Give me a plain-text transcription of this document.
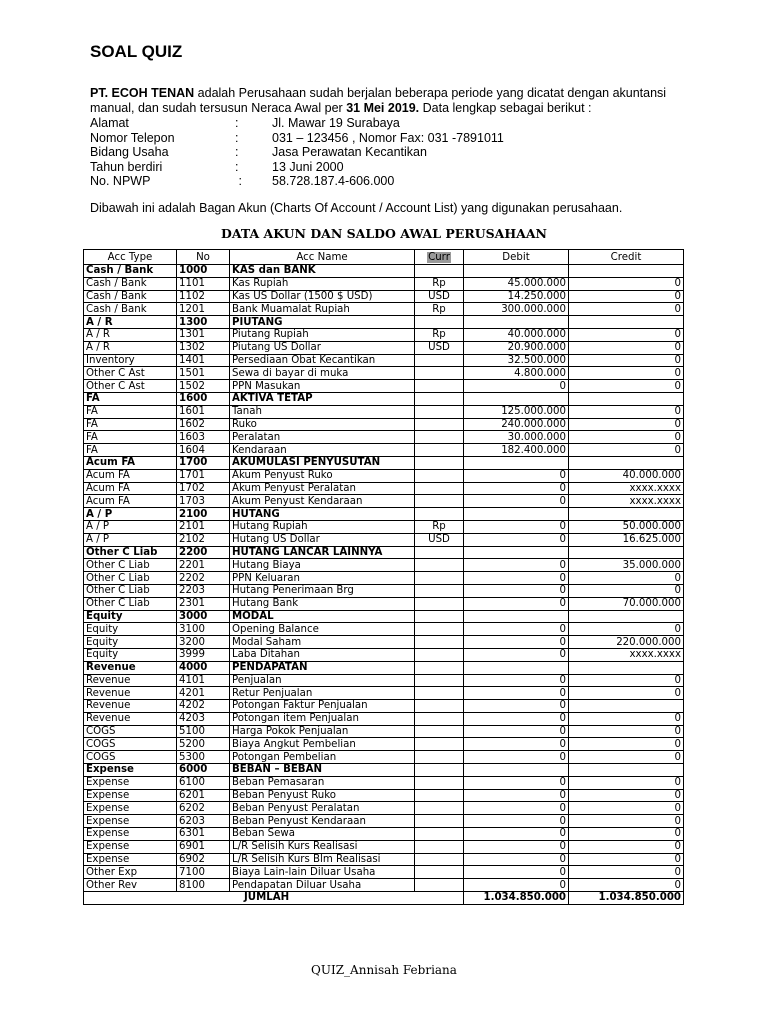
SOAL QUIZ
PT. ECOH TENAN adalah Perusahaan sudah berjalan beberapa periode yang dicatat dengan akuntansi manual, dan sudah tersusun Neraca Awal per 31 Mei 2019. Data lengkap sebagai berikut :
Alamat	:	Jl. Mawar 19 Surabaya
Nomor Telepon	:	031 – 123456 , Nomor Fax: 031 -7891011
Bidang Usaha	:	Jasa Perawatan Kecantikan
Tahun berdiri	:	13 Juni 2000
No. NPWP	:	58.728.187.4-606.000
Dibawah ini adalah Bagan Akun (Charts Of Account / Account List) yang digunakan perusahaan.
DATA AKUN DAN SALDO AWAL PERUSAHAAN
Acc Type	No	Acc Name	Curr	Debit	Credit
Cash / Bank	1000	KAS dan BANK			
Cash / Bank	1101	Kas Rupiah	Rp	45.000.000	0
Cash / Bank	1102	Kas US Dollar (1500 $ USD)	USD	14.250.000	0
Cash / Bank	1201	Bank Muamalat Rupiah	Rp	300.000.000	0
A / R	1300	PIUTANG			
A / R	1301	Piutang Rupiah	Rp	40.000.000	0
A / R	1302	Piutang US Dollar	USD	20.900.000	0
Inventory	1401	Persediaan Obat Kecantikan		32.500.000	0
Other C Ast	1501	Sewa di bayar di muka		4.800.000	0
Other C Ast	1502	PPN Masukan		0	0
FA	1600	AKTIVA TETAP			
FA	1601	Tanah		125.000.000	0
FA	1602	Ruko		240.000.000	0
FA	1603	Peralatan		30.000.000	0
FA	1604	Kendaraan		182.400.000	0
Acum FA	1700	AKUMULASI PENYUSUTAN			
Acum FA	1701	Akum Penyust Ruko		0	40.000.000
Acum FA	1702	Akum Penyust Peralatan		0	xxxx.xxxx
Acum FA	1703	Akum Penyust Kendaraan		0	xxxx.xxxx
A / P	2100	HUTANG			
A / P	2101	Hutang Rupiah	Rp	0	50.000.000
A / P	2102	Hutang US Dollar	USD	0	16.625.000
Other C Liab	2200	HUTANG LANCAR LAINNYA			
Other C Liab	2201	Hutang Biaya		0	35.000.000
Other C Liab	2202	PPN Keluaran		0	0
Other C Liab	2203	Hutang Penerimaan Brg		0	0
Other C Liab	2301	Hutang Bank		0	70.000.000
Equity	3000	MODAL			
Equity	3100	Opening Balance		0	0
Equity	3200	Modal Saham		0	220.000.000
Equity	3999	Laba Ditahan		0	xxxx.xxxx
Revenue	4000	PENDAPATAN			
Revenue	4101	Penjualan		0	0
Revenue	4201	Retur Penjualan		0	0
Revenue	4202	Potongan Faktur Penjualan		0	
Revenue	4203	Potongan item Penjualan		0	0
COGS	5100	Harga Pokok Penjualan		0	0
COGS	5200	Biaya Angkut Pembelian		0	0
COGS	5300	Potongan Pembelian		0	0
Expense	6000	BEBAN – BEBAN			
Expense	6100	Beban Pemasaran		0	0
Expense	6201	Beban Penyust Ruko		0	0
Expense	6202	Beban Penyust Peralatan		0	0
Expense	6203	Beban Penyust Kendaraan		0	0
Expense	6301	Beban Sewa		0	0
Expense	6901	L/R Selisih Kurs Realisasi		0	0
Expense	6902	L/R Selisih Kurs Blm Realisasi		0	0
Other Exp	7100	Biaya Lain-lain Diluar Usaha		0	0
Other Rev	8100	Pendapatan Diluar Usaha		0	0
JUMLAH				1.034.850.000	1.034.850.000
QUIZ_Annisah Febriana
